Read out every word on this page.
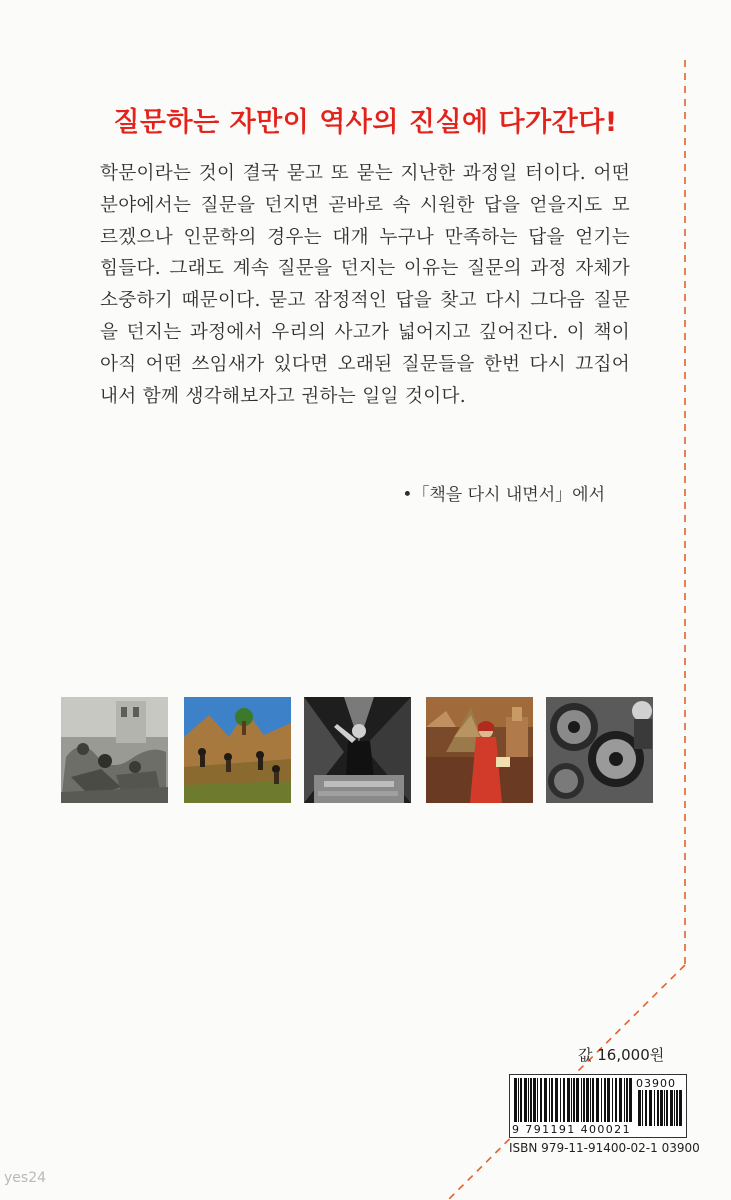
질문하는 자만이 역사의 진실에 다가간다!
학문이라는 것이 결국 묻고 또 묻는 지난한 과정일 터이다. 어떤
분야에서는 질문을 던지면 곧바로 속 시원한 답을 얻을지도 모
르겠으나 인문학의 경우는 대개 누구나 만족하는 답을 얻기는
힘들다. 그래도 계속 질문을 던지는 이유는 질문의 과정 자체가
소중하기 때문이다. 묻고 잠정적인 답을 찾고 다시 그다음 질문
을 던지는 과정에서 우리의 사고가 넓어지고 깊어진다. 이 책이
아직 어떤 쓰임새가 있다면 오래된 질문들을 한번 다시 끄집어
내서 함께 생각해보자고 권하는 일일 것이다.
•「책을 다시 내면서」에서
값 16,000원
03900
9 791191 400021
ISBN 979-11-91400-02-1 03900
yes24
